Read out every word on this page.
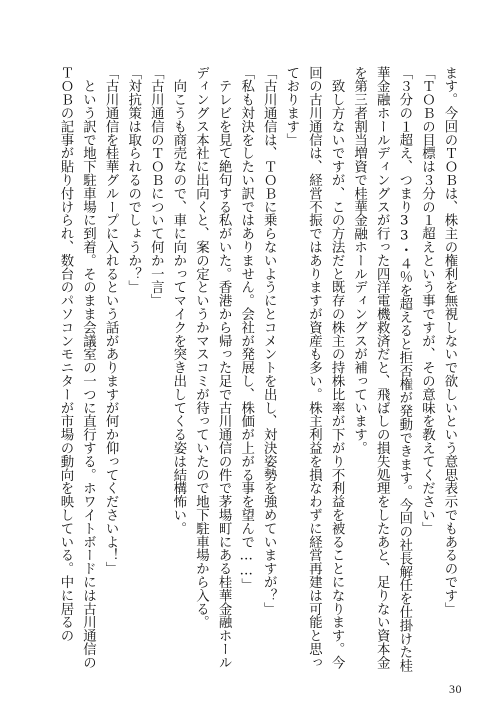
ます。今回のＴＯＢは、株主の権利を無視しないで欲しいという意思表示でもあるのです」

「ＴＯＢの目標は３分の１超えという事ですが、その意味を教えてください」

「３分の１超え、つまり33・４％を超えると拒否権が発動できます。今回の社長解任を仕掛けた桂華金融ホールディングスが行った四洋電機救済だと、飛ばしの損失処理をしたあと、足りない資本金を第三者割当増資で桂華金融ホールディングスが補っています。

　致し方ないですが、この方法だと既存の株主の持株比率が下がり不利益を被ることになります。今回の古川通信は、経営不振ではありますが資産も多い。株主利益を損なわずに経営再建は可能と思っております」

「古川通信は、ＴＯＢに乗らないようにとコメントを出し、対決姿勢を強めていますが？」

「私も対決をしたい訳ではありません。会社が発展し、株価が上がる事を望んで……」

　テレビを見て絶句する私がいた。香港から帰った足で古川通信の件で茅場町にある桂華金融ホールディングス本社に出向くと、案の定というかマスコミが待っていたので地下駐車場から入る。

　向こうも商売なので、車に向かってマイクを突き出してくる姿は結構怖い。

「古川通信のＴＯＢについて何か一言」

「対抗策は取られるのでしょうか？」

「古川通信を桂華グループに入れるという話がありますが何か仰ってくださいよ！」

　という訳で地下駐車場に到着。そのまま会議室の一つに直行する。ホワイトボードには古川通信のＴＯＢの記事が貼り付けられ、数台のパソコンモニターが市場の動向を映している。中に居るの

30
